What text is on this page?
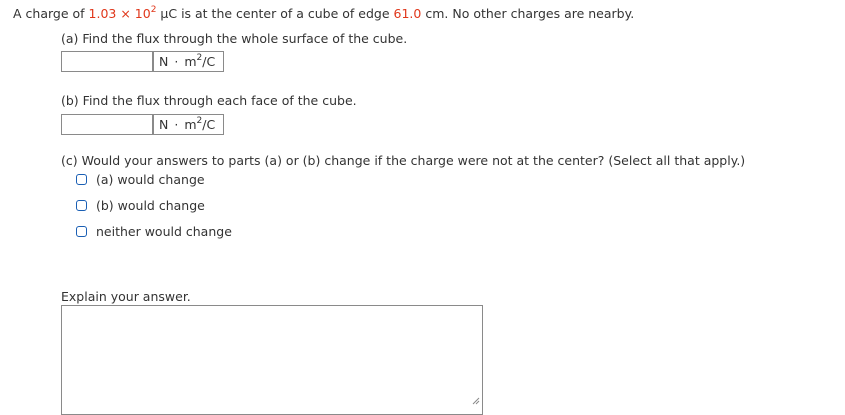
A charge of $1.03 \times 10^2$ μC is at the center of a cube of edge 61.0 cm. No other charges are nearby.
(a) Find the flux through the whole surface of the cube.
$N \cdot m^2/C$
(b) Find the flux through each face of the cube.
$N \cdot m^2/C$
(c) Would your answers to parts (a) or (b) change if the charge were not at the center? (Select all that apply.)
(a) would change
(b) would change
neither would change
Explain your answer.
